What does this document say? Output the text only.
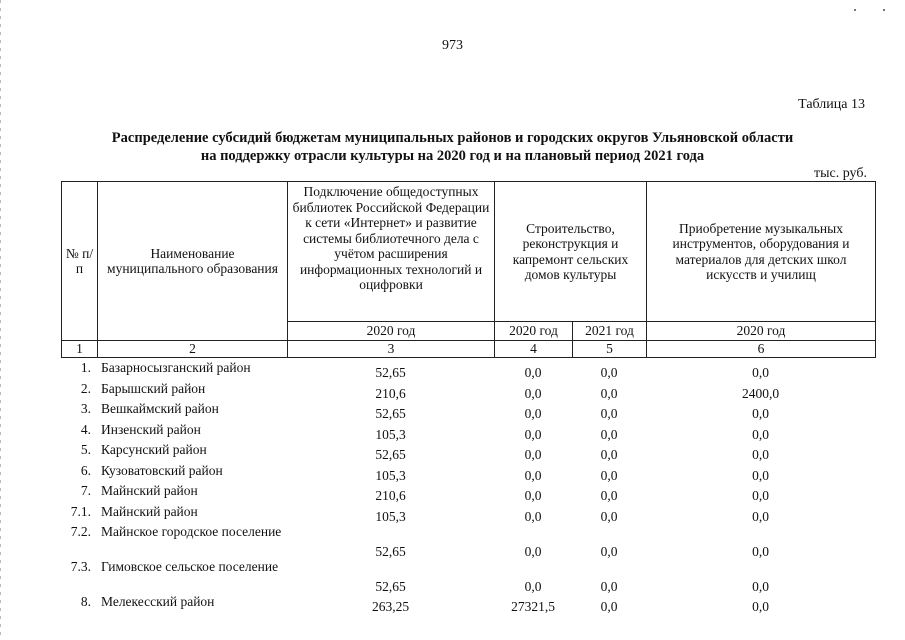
973
Таблица 13
Распределение субсидий бюджетам муниципальных районов и городских округов Ульяновской области
на поддержку отрасли культуры на 2020 год и на плановый период 2021 года
тыс. руб.
№ п/п	Наименование муниципального образования	Подключение общедоступных библиотек Российской Федерации к сети «Интернет» и развитие системы библиотечного дела с учётом расширения информационных технологий и оцифровки	Строительство, реконструкция и капремонт сельских домов культуры		Приобретение музыкальных инструментов, оборудования и материалов для детских школ искусств и училищ
		2020 год	2020 год	2021 год	2020 год
1	2	3	4	5	6
1.	Базарносызганский район	52,65	0,0	0,0	0,0
2.	Барышский район	210,6	0,0	0,0	2400,0
3.	Вешкаймский район	52,65	0,0	0,0	0,0
4.	Инзенский район	105,3	0,0	0,0	0,0
5.	Карсунский район	52,65	0,0	0,0	0,0
6.	Кузоватовский район	105,3	0,0	0,0	0,0
7.	Майнский район	210,6	0,0	0,0	0,0
7.1.	Майнский район	105,3	0,0	0,0	0,0
7.2.	Майнское городское поселение	52,65	0,0	0,0	0,0
7.3.	Гимовское сельское поселение	52,65	0,0	0,0	0,0
8.	Мелекесский район	263,25	27321,5	0,0	0,0
